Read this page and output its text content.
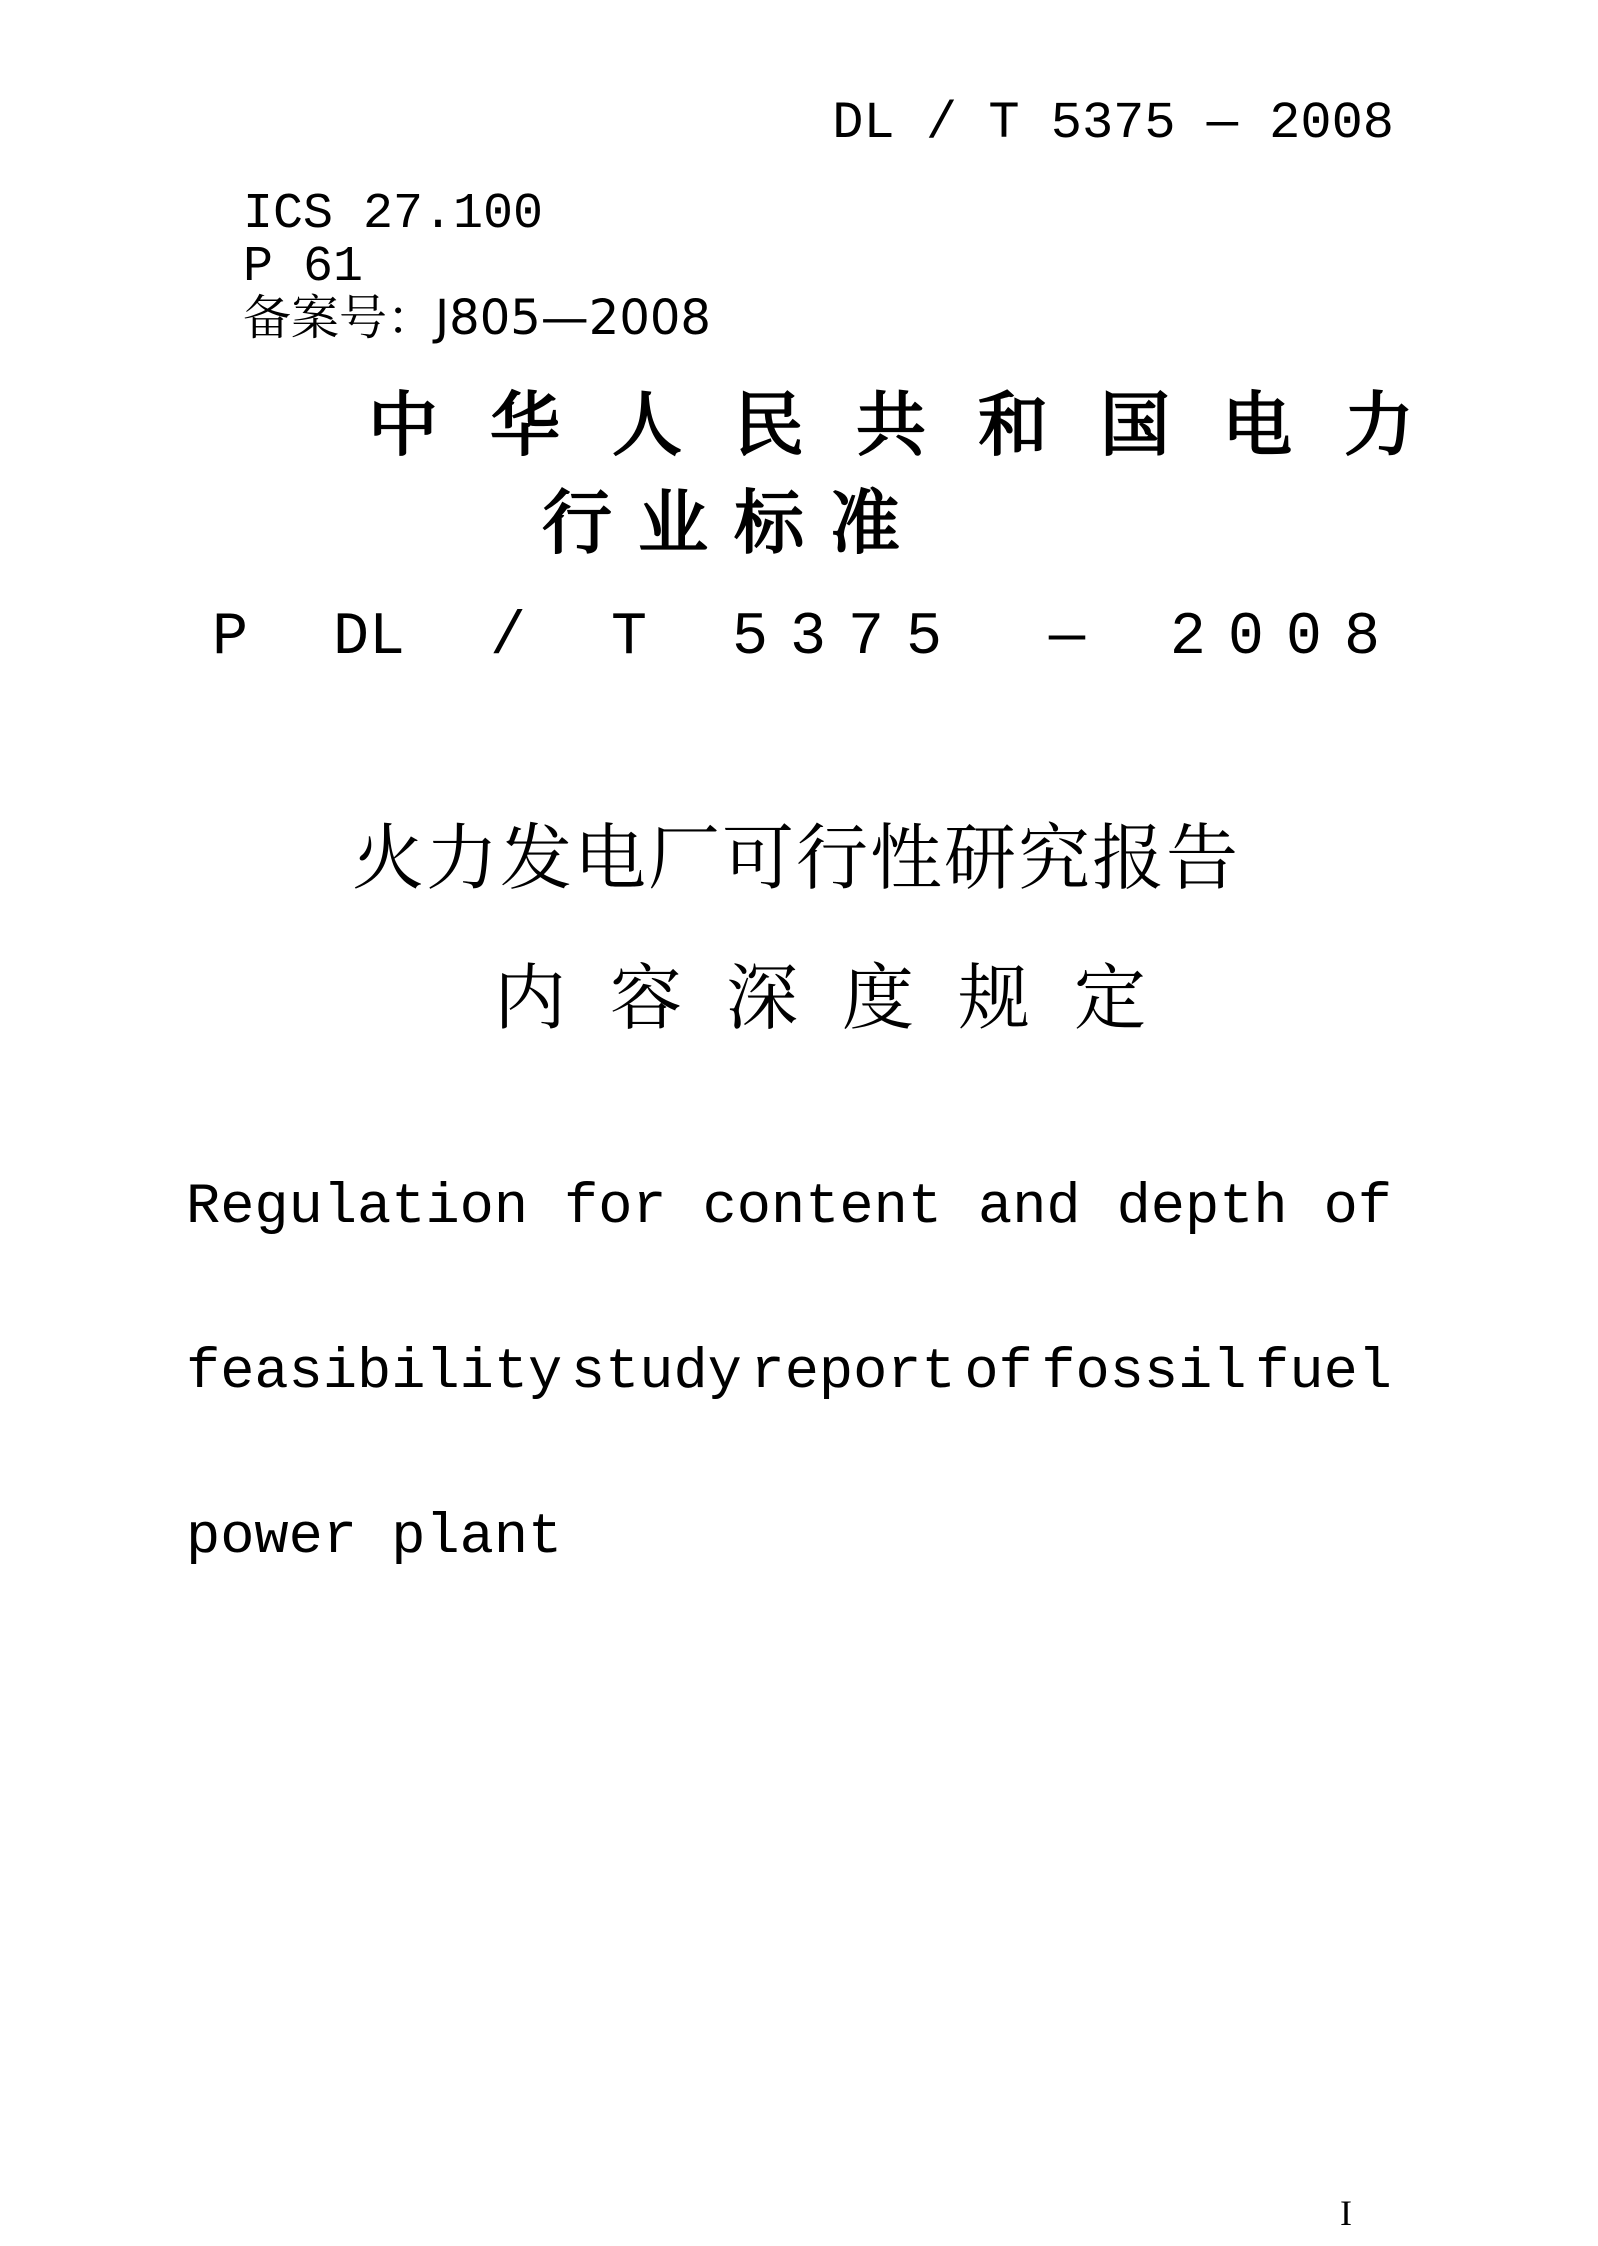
DL / T 5375 — 2008
ICS 27.100
P 61
备案号：J805—2008
中华人民共和国电力
行业标准
P DL / T 5375 — 2008
火力发电厂可行性研究报告
内容深度规定
Regulation for content and depth of
feasibility study report of fossil fuel
power plant
I
